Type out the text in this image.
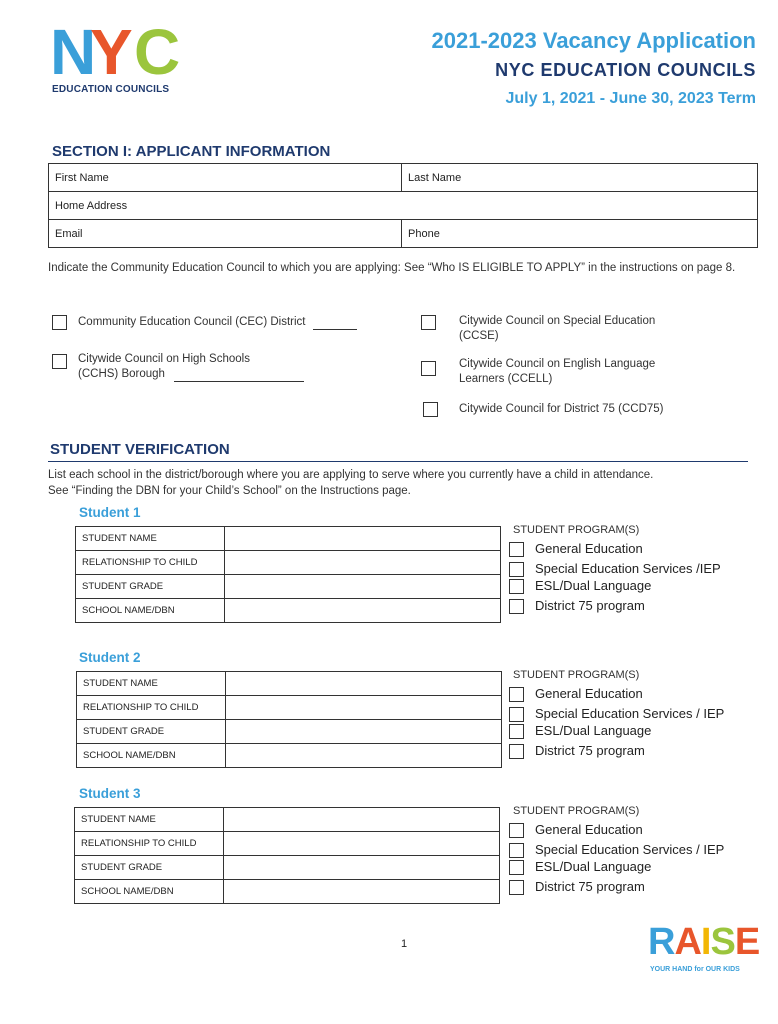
N
Y C
EDUCATION COUNCILS
2021-2023 Vacancy Application
NYC EDUCATION COUNCILS
July 1, 2021 - June 30, 2023 Term
SECTION I: APPLICANT INFORMATION
First Name	Last Name
Home Address	
Email	Phone
Indicate the Community Education Council to which you are applying: See “Who IS ELIGIBLE TO APPLY” in the instructions on page 8.
Community Education Council (CEC) District
Citywide Council on High Schools
(CCHS) Borough
Citywide Council on Special Education
(CCSE)
Citywide Council on English Language
Learners (CCELL)
Citywide Council for District 75 (CCD75)
STUDENT VERIFICATION
List each school in the district/borough where you are applying to serve where you currently have a child in attendance.
See “Finding the DBN for your Child’s School” on the Instructions page.
Student 1
STUDENT NAME	
RELATIONSHIP TO CHILD	
STUDENT GRADE	
SCHOOL NAME/DBN	
STUDENT PROGRAM(S)
General Education
Special Education Services /IEP
ESL/Dual Language
District 75 program
Student 2
STUDENT NAME	
RELATIONSHIP TO CHILD	
STUDENT GRADE	
SCHOOL NAME/DBN	
STUDENT PROGRAM(S)
General Education
Special Education Services / IEP
ESL/Dual Language
District 75 program
Student 3
STUDENT NAME	
RELATIONSHIP TO CHILD	
STUDENT GRADE	
SCHOOL NAME/DBN	
STUDENT PROGRAM(S)
General Education
Special Education Services / IEP
ESL/Dual Language
District 75 program
1	RAISE
YOUR HAND for OUR KIDS
